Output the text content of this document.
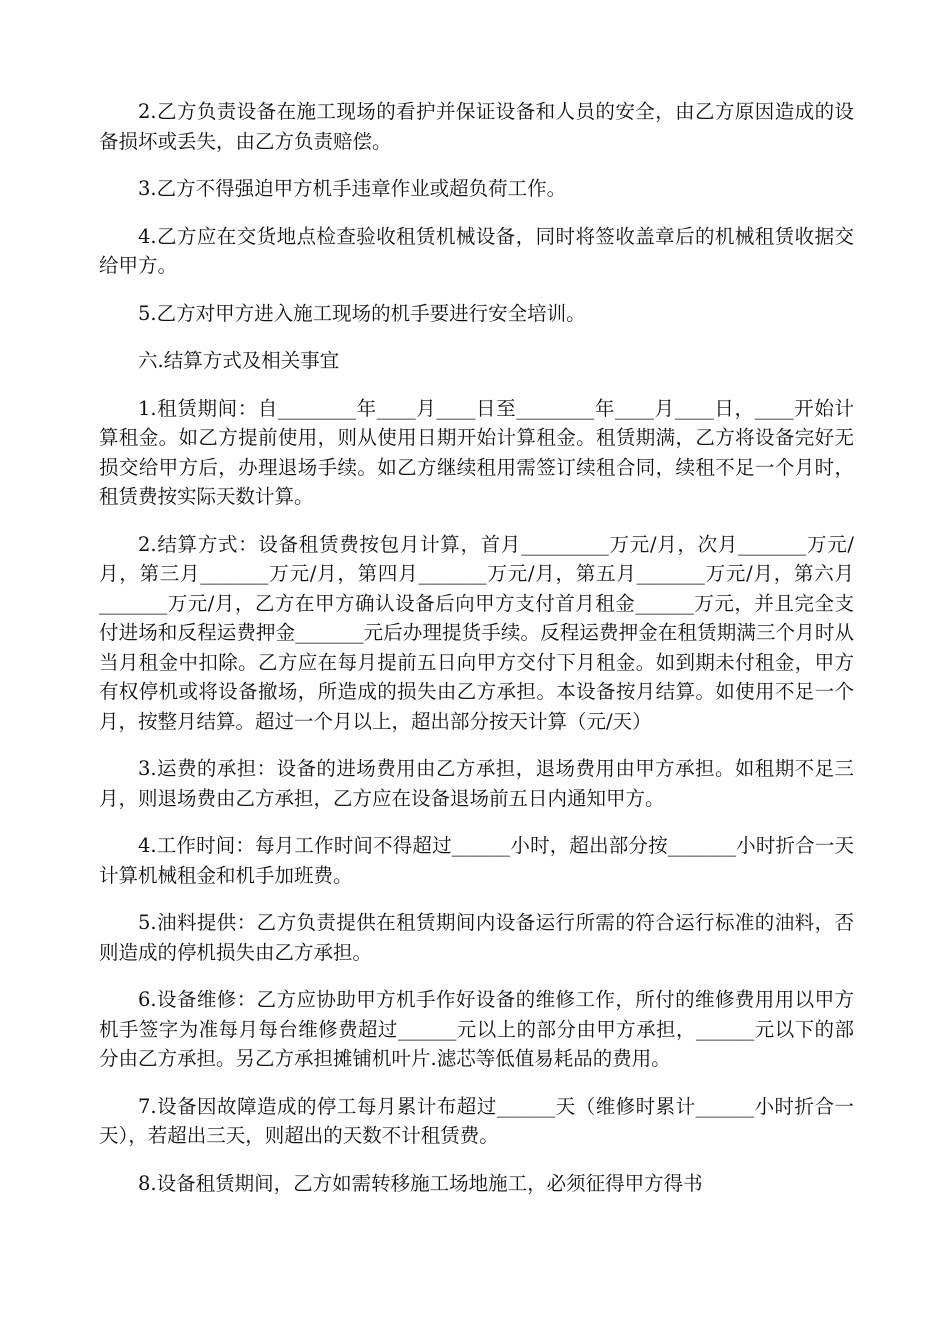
2.乙方负责设备在施工现场的看护并保证设备和人员的安全，由乙方原因造成的设备损坏或丢失，由乙方负责赔偿。

3.乙方不得强迫甲方机手违章作业或超负荷工作。

4.乙方应在交货地点检查验收租赁机械设备，同时将签收盖章后的机械租赁收据交给甲方。

5.乙方对甲方进入施工现场的机手要进行安全培训。

六.结算方式及相关事宜

1.租赁期间：自________年____月____日至________年____月____日，____开始计算租金。如乙方提前使用，则从使用日期开始计算租金。租赁期满，乙方将设备完好无损交给甲方后，办理退场手续。如乙方继续租用需签订续租合同，续租不足一个月时，租赁费按实际天数计算。

2.结算方式：设备租赁费按包月计算，首月_________万元/月，次月_______万元/月，第三月_______万元/月，第四月_______万元/月，第五月_______万元/月，第六月_______万元/月，乙方在甲方确认设备后向甲方支付首月租金______万元，并且完全支付进场和反程运费押金_______元后办理提货手续。反程运费押金在租赁期满三个月时从当月租金中扣除。乙方应在每月提前五日向甲方交付下月租金。如到期未付租金，甲方有权停机或将设备撤场，所造成的损失由乙方承担。本设备按月结算。如使用不足一个月，按整月结算。超过一个月以上，超出部分按天计算（元/天）

3.运费的承担：设备的进场费用由乙方承担，退场费用由甲方承担。如租期不足三月，则退场费由乙方承担，乙方应在设备退场前五日内通知甲方。

4.工作时间：每月工作时间不得超过______小时，超出部分按_______小时折合一天计算机械租金和机手加班费。

5.油料提供：乙方负责提供在租赁期间内设备运行所需的符合运行标准的油料，否则造成的停机损失由乙方承担。

6.设备维修：乙方应协助甲方机手作好设备的维修工作，所付的维修费用用以甲方机手签字为准每月每台维修费超过______元以上的部分由甲方承担，______元以下的部分由乙方承担。另乙方承担摊铺机叶片.滤芯等低值易耗品的费用。

7.设备因故障造成的停工每月累计布超过______天（维修时累计______小时折合一天），若超出三天，则超出的天数不计租赁费。

8.设备租赁期间，乙方如需转移施工场地施工，必须征得甲方得书
